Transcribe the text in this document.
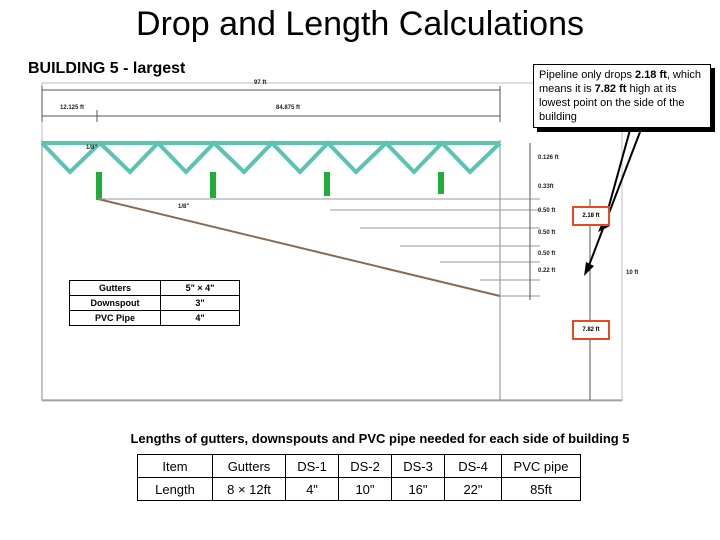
Drop and Length Calculations
BUILDING 5 - largest
97 ft
12.125 ft	84.875 ft
1/8"
1/8"
0.126 ft
0.33ft
0.50 ft
0.50 ft
0.50 ft
0.22 ft	10 ft
2.18 ft
7.82 ft
Gutters	5" × 4"
Downspout	3"
PVC Pipe	4"
Pipeline only drops 2.18 ft, which means it is 7.82 ft high at its lowest point on the side of the building
Lengths of gutters, downspouts and PVC pipe needed for each side of building 5
Item	Gutters	DS-1	DS-2	DS-3	DS-4	PVC pipe
Length	8 × 12ft	4"	10"	16"	22"	85ft
